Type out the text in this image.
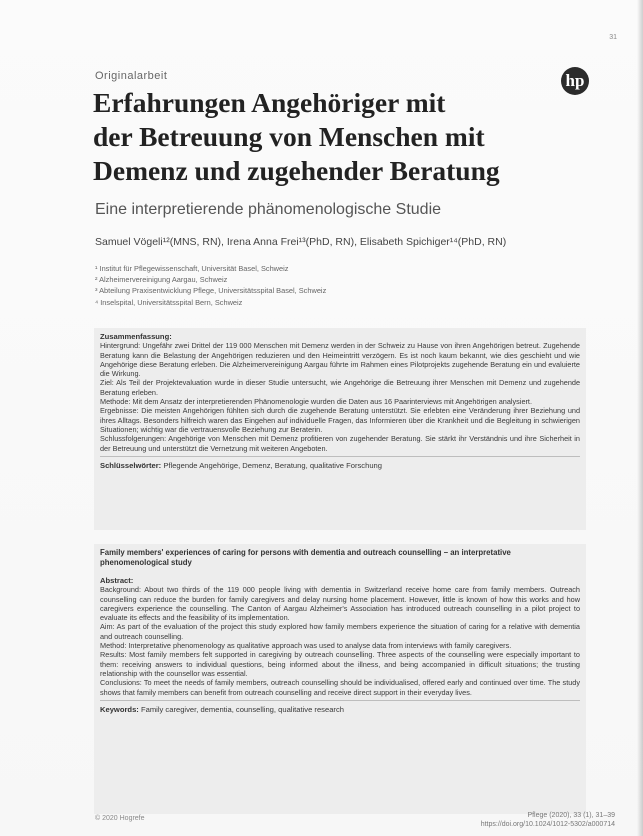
31
Originalarbeit	hp
Erfahrungen Angehöriger mit
der Betreuung von Menschen mit
Demenz und zugehender Beratung
Eine interpretierende phänomenologische Studie
Samuel Vögeli¹²(MNS, RN), Irena Anna Frei¹³(PhD, RN), Elisabeth Spichiger¹⁴(PhD, RN)
¹ Institut für Pflegewissenschaft, Universität Basel, Schweiz
² Alzheimervereinigung Aargau, Schweiz
³ Abteilung Praxisentwicklung Pflege, Universitätsspital Basel, Schweiz
⁴ Inselspital, Universitätsspital Bern, Schweiz
Zusammenfassung:

Hintergrund: Ungefähr zwei Drittel der 119 000 Menschen mit Demenz werden in der Schweiz zu Hause von ihren Angehörigen betreut. Zugehende Beratung kann die Belastung der Angehörigen reduzieren und den Heimeintritt verzögern. Es ist noch kaum bekannt, wie dies geschieht und wie Angehörige diese Beratung erleben. Die Alzheimervereinigung Aargau führte im Rahmen eines Pilotprojekts zugehende Beratung ein und evaluierte die Wirkung.

Ziel: Als Teil der Projektevaluation wurde in dieser Studie untersucht, wie Angehörige die Betreuung ihrer Menschen mit Demenz und zugehende Beratung erleben.

Methode: Mit dem Ansatz der interpretierenden Phänomenologie wurden die Daten aus 16 Paarinterviews mit Angehörigen analysiert.

Ergebnisse: Die meisten Angehörigen fühlten sich durch die zugehende Beratung unterstützt. Sie erlebten eine Veränderung ihrer Beziehung und ihres Alltags. Besonders hilfreich waren das Eingehen auf individuelle Fragen, das Informieren über die Krankheit und die Begleitung in schwierigen Situationen; wichtig war die vertrauensvolle Beziehung zur Beraterin.

Schlussfolgerungen: Angehörige von Menschen mit Demenz profitieren von zugehender Beratung. Sie stärkt ihr Verständnis und ihre Sicherheit in der Betreuung und unterstützt die Vernetzung mit weiteren Angeboten.

Schlüsselwörter: Pflegende Angehörige, Demenz, Beratung, qualitative Forschung
Family members' experiences of caring for persons with dementia and outreach counselling – an interpretative phenomenological study
Abstract:

Background: About two thirds of the 119 000 people living with dementia in Switzerland receive home care from family members. Outreach counselling can reduce the burden for family caregivers and delay nursing home placement. However, little is known of how this works and how caregivers experience the counselling. The Canton of Aargau Alzheimer's Association has introduced outreach counselling in a pilot project to evaluate its effects and the feasibility of its implementation.

Aim: As part of the evaluation of the project this study explored how family members experience the situation of caring for a relative with dementia and outreach counselling.

Method: Interpretative phenomenology as qualitative approach was used to analyse data from interviews with family caregivers.

Results: Most family members felt supported in caregiving by outreach counselling. Three aspects of the counselling were especially important to them: receiving answers to individual questions, being informed about the illness, and being accompanied in difficult situations; the trusting relationship with the counsellor was essential.

Conclusions: To meet the needs of family members, outreach counselling should be individualised, offered early and continued over time. The study shows that family members can benefit from outreach counselling and receive direct support in their everyday lives.

Keywords: Family caregiver, dementia, counselling, qualitative research
© 2020 Hogrefe	Pflege (2020), 33 (1), 31–39
https://doi.org/10.1024/1012-5302/a000714
